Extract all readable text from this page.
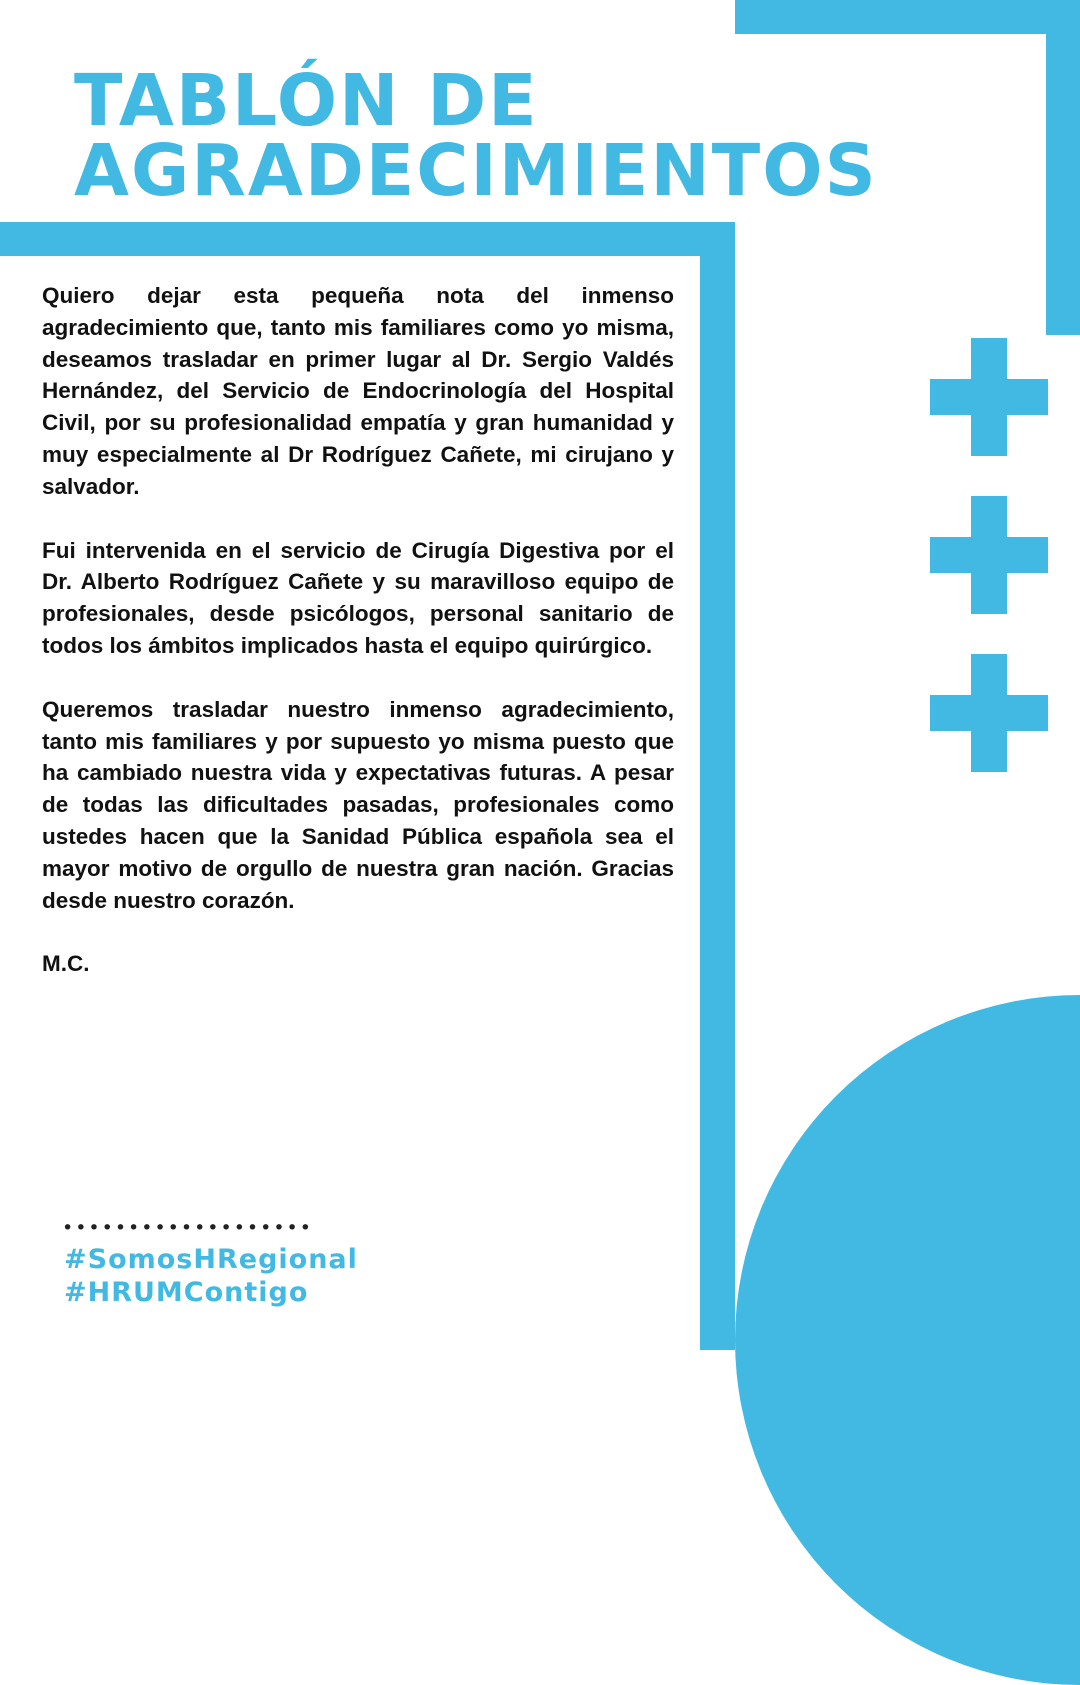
TABLÓN DE
AGRADECIMIENTOS

Quiero dejar esta pequeña nota del inmenso agradecimiento que, tanto mis familiares como yo misma, deseamos trasladar en primer lugar al Dr. Sergio Valdés Hernández, del Servicio de Endocrinología del Hospital Civil, por su profesionalidad empatía y gran humanidad y muy especialmente al Dr Rodríguez Cañete, mi cirujano y salvador.

Fui intervenida en el servicio de Cirugía Digestiva por el Dr. Alberto Rodríguez Cañete y su maravilloso equipo de profesionales, desde psicólogos, personal sanitario de todos los ámbitos implicados hasta el equipo quirúrgico.

Queremos trasladar nuestro inmenso agradecimiento, tanto mis familiares y por supuesto yo misma puesto que ha cambiado nuestra vida y expectativas futuras. A pesar de todas las dificultades pasadas, profesionales como ustedes hacen que la Sanidad Pública española sea el mayor motivo de orgullo de nuestra gran nación. Gracias desde nuestro corazón.

M.C.

•••••••••••••••••••
#SomosHRegional
#HRUMContigo
